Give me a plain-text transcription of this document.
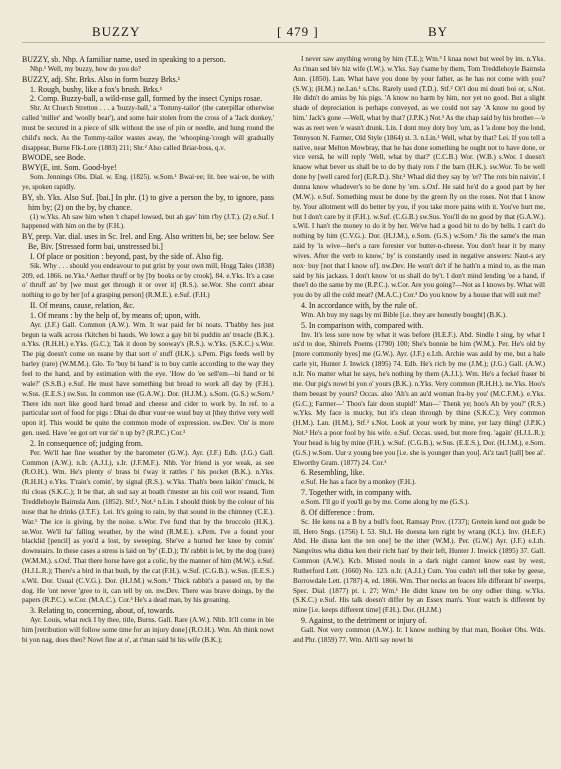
BUZZY	[ 479 ]	BY

BUZZY, sb. Nhp. A familiar name, used in speaking to a person.

Nhp.¹ Well, my buzzy, how do you do?

BUZZY, adj. Shr. Brks. Also in form buzzy Brks.¹

1. Rough, bushy, like a fox's brush. Brks.¹

2. Comp. Buzzy-ball, a wild-rose gall, formed by the insect Cynips rosae.

Shr. At Church Stretton . . . a 'buzzy-ball,' a 'Tommy-tailor' (the caterpillar otherwise called 'miller' and 'woolly bear'), and some hair stolen from the cross of a 'Jack donkey,' must be secured in a piece of silk without the use of pin or needle, and hung round the child's neck. As the Tommy-tailor wastes away, the 'whooping-'cough will gradually disappear, Burne Flk-Lore (1883) 211; Shr.² Also called Briar-boss, q.v.

BWODE, see Bode.

BWY(E, int. Som. Good-bye!

Som. Jennings Obs. Dial. w. Eng. (1825). w.Som.¹ Bwai·ee; lit. bee wai·ee, be with ye, spoken rapidly.

BY, sb. Yks. Also Suf. [bai.] In phr. (1) to give a person the by, to ignore, pass him by; (2) on the by, by chance.

(1) w.Yks. Ah saw him when 't chapel lowsed, but ah gav' him t'by (J.T.). (2) e.Suf. I happened with him on the by (F.H.).

BY, prep. Var. dial. uses in Sc. Irel. and Eng. Also written bi, be; see below. See Be, Biv. [Stressed form bai, unstressed bi.]

I. Of place or position : beyond, past, by the side of. Also fig.

Sik. Why . . . should you endeavour to put grist by your own mill, Hogg Tales (1838) 209, ed. 1866. ne.Yks.¹ Aether thruff or by [by books or by crook], 84. e.Yks. It's a case o' thruff an' by [we must get through it or over it] (R.S.). se.Wor. She corn't abear nothing to go by her [of a grasping person] (R.M.E.). e.Suf. (F.H.)

II. Of means, cause, relation, &c.

1. Of means : by the help of, by means of; upon, with.

Ayr. (J.F.) Gall. Common (A.W.). Wm. It war paid fer bi noats. T'babby hes just begun ta walk across t'kitchen bi hauds. We lowz a gay bit bi puddin an' treacle (B.K.). n.Yks. (R.H.H.) e.Yks. (G.C.); Tak it doon by sooway's (R.S.). w.Yks. (S.K.C.) s.Wor. The pig doesn't come on nsane by that sort o' stuff (H.K.). s.Pem. Pigs feeds well by barley (rare) (W.M.M.). Glo. To 'buy bi hand' is to buy cattle according to the way they feel to the hand, and by estimation with the eye. 'How do 'ee sell'em—bi hand or bi wale?' (S.S.B.) e.Suf. He must have something but bread to work all day by (F.H.). w.Sus. (E.E.S.) sw.Sus. In common use (G.A.W.). Dor. (H.J.M.). s.Som. (G.S.) w.Som.¹ There idn nort like good hard bread and cheese and cider to work by. In ref. to a particular sort of food for pigs : Dhai do dhur vuur·ee wuul buy ut [they thrive very well upon it]. This would be quite the common mode of expression. sw.Dev. 'On' is more gen. used. Have 'ee got ort vur tie' n up by? (R.P.C.) Cor.³

2. In consequence of; judging from.

Per. We'll hae fine weather by the barometer (G.W.). Ayr. (J.F.) Edb. (J.G.) Gall. Common (A.W.). n.Ir. (A.J.I.), s.Ir. (J.F.M.F.). Nhb. Yor friend is yor weak, as see (R.O.H.). Wm. He's plenty o' brass bi t'way it rattles i' his pocket (B.K.). n.Yks. (R.H.H.) e.Yks. T'rain's comin', by signal (R.S.). w.Yks. Thah's been laikin' t'muck, bi thi cloas (S.K.C.); It be that, ah sud say at boath t'mester an his coil wor reaand, Tom Treddlehoyle Bairnsla Ann. (1852). Stf.¹, Not.² n.Lin. I should think by the colour of his nose that he drinks (J.T.F.). Lei. It's going to rain, by that sound in the chimney (C.E.). War.¹ The ice is giving, by the noise. s.Wor. I've fund that by the broccolo (H.K.). se.Wor. We'll ha' falling weather, by the wind (R.M.E.). s.Pem. I've a found your blacklid [pencil] as you'd a lost, by sweeping. She've a hurted her knee by comin' downstairs. In these cases a stress is laid on 'by' (E.D.); Th' rabbit is let, by the dog (rare) (W.M.M.). s.Oxf. That there horse have got a colic, by the manner of him (M.W.). e.Suf. (H.J.L.R.); There's a bird in that bush, by the cat (F.H.). w.Suf. (C.G.B.). w.Sus. (E.E.S.) s.Wil. Dor. Usual (C.V.G.). Dor. (H.J.M.) w.Som.¹ Thick rabbit's a passed on, by the dog. He 'ont never 'gree to it, can tell by on. nw.Dev. There was brave doings, by the papers (R.P.C.). w.Cor. (M.A.C.). Cor.³ He's a dead man, by his groaning.

3. Relating to, concerning, about, of, towards.

Ayr. Louis, what reck I by thee, title, Burns. Gall. Rare (A.W.). Nhb. It'll come in bie him [retribution will follow some time for an injury done] (R.O.H.). Wm. Ah think nowt bi yon nag, does theo? Nowt fine at o', at t'man said bi his wife (B.K.);

I never saw anything wrong by him (T.E.); Wm.³ I knaa nowt but weel by im. n.Yks. As t'man sed biv hiz wife (I.W.). w.Yks. Say t'same by them, Tom Treddlehoyle Bairnsla Ann. (1850). Lan. What have you done by your father, as he has not come with you? (S.W.); (H.M.) ne.Lan.¹ s.Chs. Rarely used (T.D.). Stf.² Oi'l dou mi douti boi or, s.Not. He didn't do amiss by his pigs. 'A know no harm by him, nor yet no good. But a slight shade of depreciation is perhaps conveyed, as we could not say 'A know no good by him.' Jack's gone —Well, what by that? (J.P.K.) Not.³ As the chap said by his brother—'e was as reet wen 'e wasn't drunk. Lin. I dont moy doty boy 'um, as I 'a done boy the lond, Tennyson N. Farmer, Old Style (1864) st. 3. n.Lin.¹ Well, what by that? Lei. If you tell a native, near Melton Mowbray, that he has done something he ought not to have done, or vice versâ, he will reply 'Well, what by that?' (C.C.B.) Wor. (W.B.) s.Wor. I doesn't knaow what bever us shall be to do by thaiy rots i' the barn (H.K.). sw.Wor. To be well done by [well cared for] (E.R.D.). Shr.² Whad did they say by 'er? The rots bin naivin', I dunna know whadever's to be done by 'em. s.Oxf. He said he'd do a good part by her (M.W.). e.Suf. Something must be done by the green fly on the roses. Not that I know by. Your allotment will do better by you, if you take more pains with it. You've hurt me, but I don't care by it (F.H.). w.Suf. (C.G.B.) sw.Sus. You'll do no good by that (G.A.W.). s.Wil. I han't the money to do it by her. We've had a good bit to do by bells. I can't do nothing by him (C.V.G.). Dor. (H.J.M.), e.Som. (G.S.) w.Som.¹ Jis the same's the man zaid by 'is wive—her's a rare forester vor butter-n-cheese. You don't hear it by many wives. After the verb to know,' by' is constantly used in negative answers: Naut-s ary nox· buy [not that I know of]. nw.Dev. He won't do't if he hath'n a mind to, as the man said by his jackass. I don't know 'ot us shall do by't. I don't mind lending 'ee a hand, if thee'l do the same by me (R.P.C.). w.Cor. Are you going?—Not as I knows by. What will you do by all the cold meat? (M.A.C.) Cor.³ Do you know by a house that will suit me?

4. In accordance with, by the rule of.

Wm. Ah buy my nags by mi Bible [i.e. they are honestly bought] (B.K.).

5. In comparison with, compared with.

Inv. It's less sore now by what it was before (H.E.F.). Abd. Sindle I sing, by what I us'd to doe, Shirrefs Poems (1790) 100; She's bonnie be him (W.M.). Per. He's old by [more commonly byes] me (G.W.). Ayr. (J.F.) e.Lth. Archie was auld by me, but a hale carle yit, Hunter J. Inwick (1895) 74. Edb. He's rich by me (J.M.); (J.G.) Gall. (A.W.) n.Ir. No matter what he says, he's nothing by them (A.J.I.). Wm. He's a feckel fraser bi me. Our pig's nowt bi yon o' yours (B.K.). n.Yks. Very common (R.H.H.). ne.Yks. Hoo's them beeast by yours? Occas. also 'Ah's an au'd woman fra-by you' (M.C.F.M.). e.Yks. (G.C.); Farmer—' Thoo's fair doon stupid!' Man—' Thenk ye; hoo's Ah by you?' (R.S.) w.Yks. My face is mucky, but it's clean through by thine (S.K.C.); Very common (H.M.). Lan. (H.M.), Stf.² s.Not. Look at your work by mine, yer lazy thing! (J.P.K.) Not.³ He's a poor fool by his wife. e.Suf. Occas. used, but more freq. 'again' (H.J.L.R.); Your head is big by mine (F.H.). w.Suf. (C.G.B.), w.Sus. (E.E.S.), Dor. (H.J.M.), e.Som. (G.S.) w.Som. Uur·z young bee you [i.e. she is younger than you]. Ai'z tau'l [tall] bee ai'. Elworthy Gram. (1877) 24. Cor.³

6. Resembling, like.

e.Suf. He has a face by a monkey (F.H.).

7. Together with, in company with.

e.Som. I'll go if you'll go by me. Come along by me (G.S.).

8. Of difference : from.

Sc. He kens na a B by a bull's foot, Ramsay Prov. (1737); Gretein kend not gude be ill, Hero Sngs. (1756) I. 53. Sh.I. He doesna ken right by wrang (K.I.). Inv. (H.E.F.) Abd. He disna ken the ten one] be the ither (W.M.). Per. (G.W.) Ayr. (J.F.) e.Lth. Nangvites wha didna ken their richt han' by their left, Hunter J. Inwick (1895) 37. Gall. Common (A.W.). Kcb. Misted nouls in a dark night cannot know east by west, Rutherford Lett. (1660) No. 123. n.Ir. (A.J.I.) Cum. You cudn't tell ther toke by geese, Borrowdale Lett. (1787) 4, ed. 1866. Wm. Ther necks an feaces life differant bi' swerps, Spec. Dial. (1877) pt. i. 27; Wm.¹ He didnt knaw ten be ony odher thing. w.Yks. (S.K.C.) e.Suf. His talk doesn't differ by an Essex man's. Your watch is different by mine [i.e. keeps different time] (F.H.). Dor. (H.J.M.)

9. Against, to the detriment or injury of.

Gall. Not very common (A.W.). Ir. I know nothing by that man, Booker Obs. Wds. and Phr. (1859) 77. Wm. Ah'll say nowt bi
